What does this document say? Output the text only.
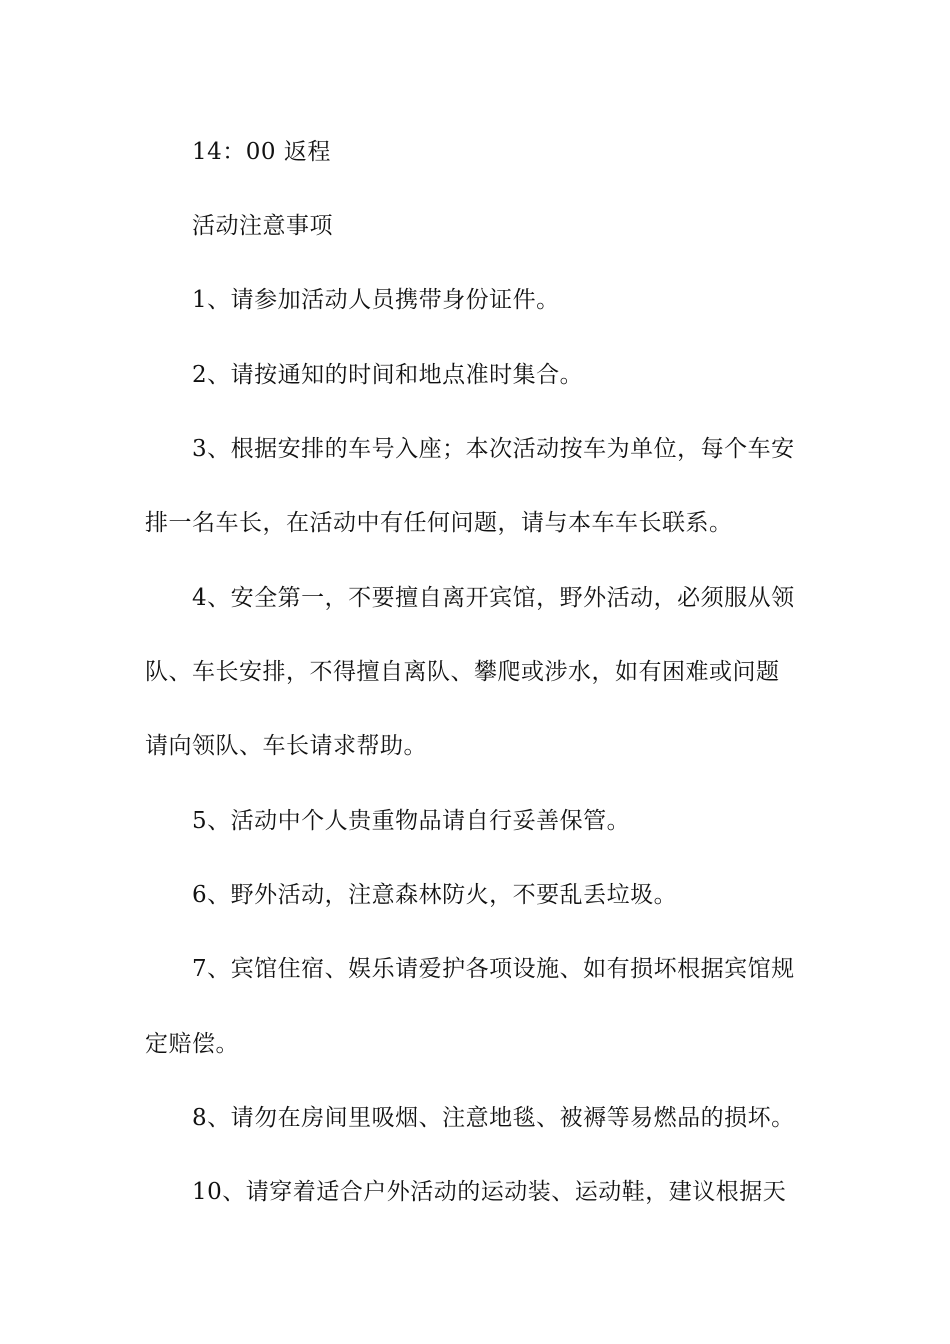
14：00 返程
活动注意事项
1、请参加活动人员携带身份证件。
2、请按通知的时间和地点准时集合。
3、根据安排的车号入座；本次活动按车为单位，每个车安
排一名车长，在活动中有任何问题，请与本车车长联系。
4、安全第一，不要擅自离开宾馆，野外活动，必须服从领
队、车长安排，不得擅自离队、攀爬或涉水，如有困难或问题
请向领队、车长请求帮助。
5、活动中个人贵重物品请自行妥善保管。
6、野外活动，注意森林防火，不要乱丢垃圾。
7、宾馆住宿、娱乐请爱护各项设施、如有损坏根据宾馆规
定赔偿。
8、请勿在房间里吸烟、注意地毯、被褥等易燃品的损坏。
10、请穿着适合户外活动的运动装、运动鞋，建议根据天
